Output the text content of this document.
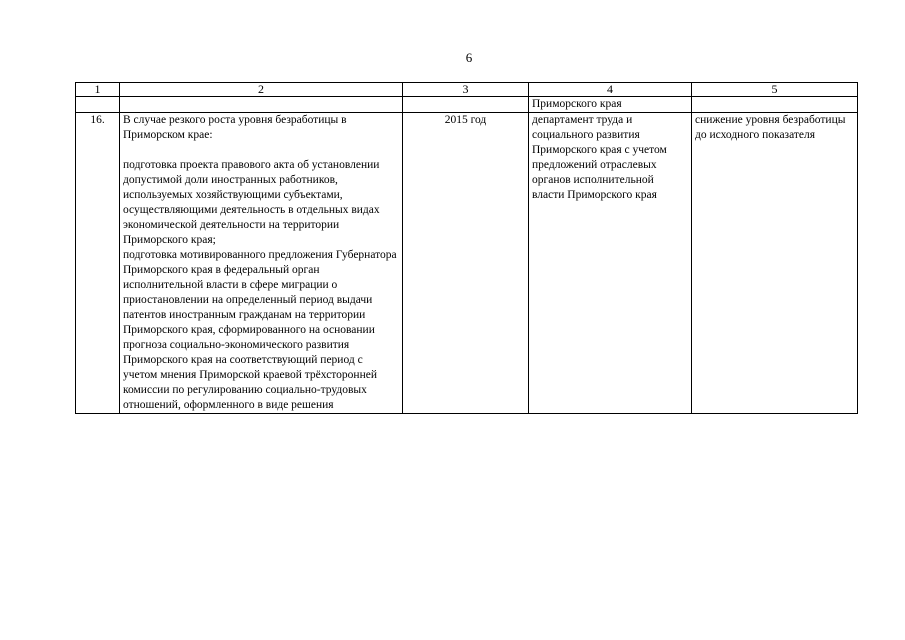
6
1	2	3	4	5
			Приморского края	
16.	В случае резкого роста уровня безработицы в Приморском крае:
подготовка проекта правового акта об установлении допустимой доли иностранных работников, используемых хозяйствующими субъектами, осуществляющими деятельность в отдельных видах экономической деятельности на территории Приморского края;
подготовка мотивированного предложения Губернатора Приморского края в федеральный орган исполнительной власти в сфере миграции о приостановлении на определенный период выдачи патентов иностранным гражданам на территории Приморского края, сформированного на основании прогноза социально-экономического развития Приморского края на соответствующий период с учетом мнения Приморской краевой трёхсторонней комиссии по регулированию социально-трудовых отношений, оформленного в виде решения	2015 год	департамент труда и социального развития Приморского края с учетом предложений отраслевых органов исполнительной власти Приморского края	снижение уровня безработицы до исходного показателя
